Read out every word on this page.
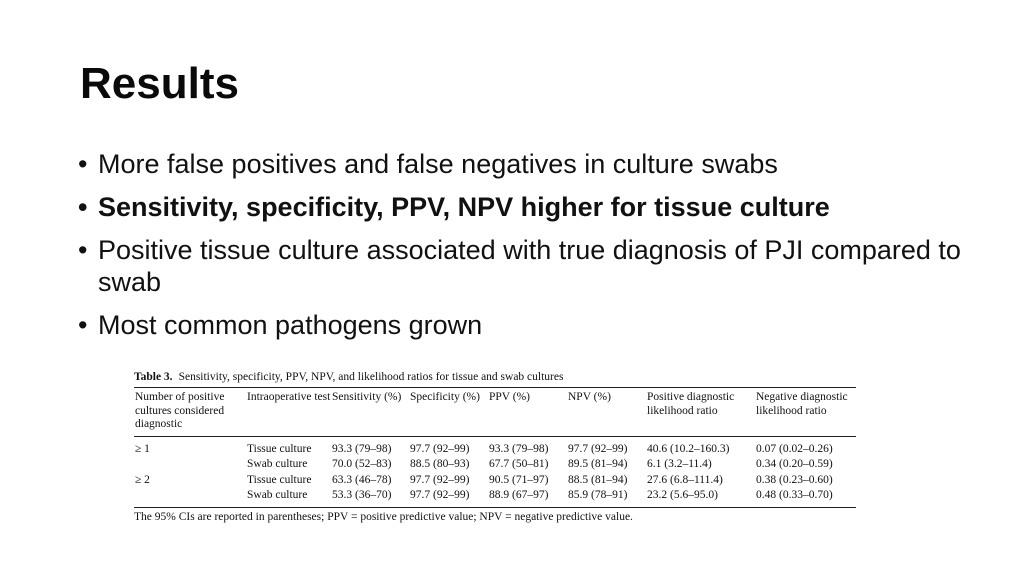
Results
• More false positives and false negatives in culture swabs
• Sensitivity, specificity, PPV, NPV higher for tissue culture
• Positive tissue culture associated with true diagnosis of PJI compared to swab
• Most common pathogens grown
Table 3. Sensitivity, specificity, PPV, NPV, and likelihood ratios for tissue and swab cultures
Number of positive cultures considered diagnostic	Intraoperative test	Sensitivity (%)	Specificity (%)	PPV (%)	NPV (%)	Positive diagnostic likelihood ratio	Negative diagnostic likelihood ratio
≥ 1	Tissue culture	93.3 (79–98)	97.7 (92–99)	93.3 (79–98)	97.7 (92–99)	40.6 (10.2–160.3)	0.07 (0.02–0.26)
	Swab culture	70.0 (52–83)	88.5 (80–93)	67.7 (50–81)	89.5 (81–94)	6.1 (3.2–11.4)	0.34 (0.20–0.59)
≥ 2	Tissue culture	63.3 (46–78)	97.7 (92–99)	90.5 (71–97)	88.5 (81–94)	27.6 (6.8–111.4)	0.38 (0.23–0.60)
	Swab culture	53.3 (36–70)	97.7 (92–99)	88.9 (67–97)	85.9 (78–91)	23.2 (5.6–95.0)	0.48 (0.33–0.70)
The 95% CIs are reported in parentheses; PPV = positive predictive value; NPV = negative predictive value.
